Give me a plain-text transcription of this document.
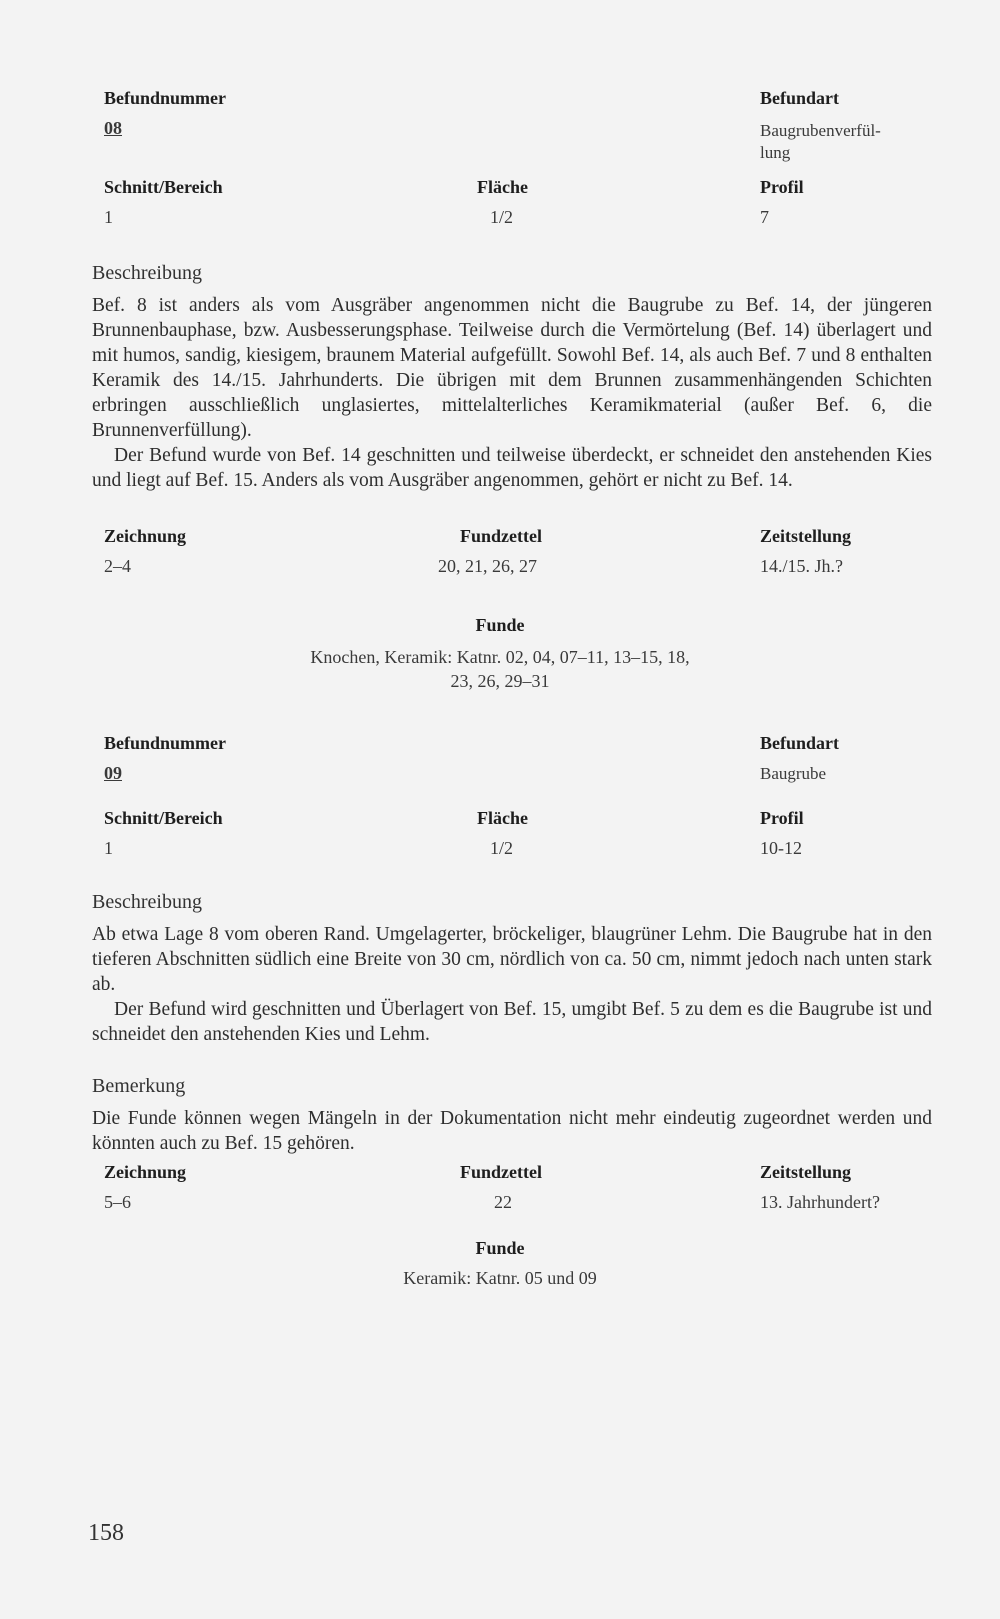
Befundnummer	Befundart
08	Baugrubenverfül-
lung
Schnitt/Bereich	Fläche	Profil
1	1/2	7
Beschreibung

Bef. 8 ist anders als vom Ausgräber angenommen nicht die Baugrube zu Bef. 14, der jüngeren Brunnenbauphase, bzw. Ausbesserungsphase. Teilweise durch die Vermörtelung (Bef. 14) überlagert und mit humos, sandig, kiesigem, braunem Material aufgefüllt. Sowohl Bef. 14, als auch Bef. 7 und 8 enthalten Keramik des 14./15. Jahrhunderts. Die übrigen mit dem Brunnen zusammenhängenden Schichten erbringen ausschließlich unglasiertes, mittelalterliches Keramikmaterial (außer Bef. 6, die Brunnenverfüllung).

Der Befund wurde von Bef. 14 geschnitten und teilweise überdeckt, er schneidet den anstehenden Kies und liegt auf Bef. 15. Anders als vom Ausgräber angenommen, gehört er nicht zu Bef. 14.

Zeichnung	Fundzettel	Zeitstellung
2–4	20, 21, 26, 27	14./15. Jh.?
Funde
Knochen, Keramik: Katnr. 02, 04, 07–11, 13–15, 18,
23, 26, 29–31
Befundnummer	Befundart
09	Baugrube
Schnitt/Bereich	Fläche	Profil
1	1/2	10-12
Beschreibung

Ab etwa Lage 8 vom oberen Rand. Umgelagerter, bröckeliger, blaugrüner Lehm. Die Baugrube hat in den tieferen Abschnitten südlich eine Breite von 30 cm, nördlich von ca. 50 cm, nimmt jedoch nach unten stark ab.

Der Befund wird geschnitten und Überlagert von Bef. 15, umgibt Bef. 5 zu dem es die Baugrube ist und schneidet den anstehenden Kies und Lehm.

Bemerkung

Die Funde können wegen Mängeln in der Dokumentation nicht mehr eindeutig zugeordnet werden und könnten auch zu Bef. 15 gehören.

Zeichnung	Fundzettel	Zeitstellung
5–6	22	13. Jahrhundert?
Funde
Keramik: Katnr. 05 und 09
158
